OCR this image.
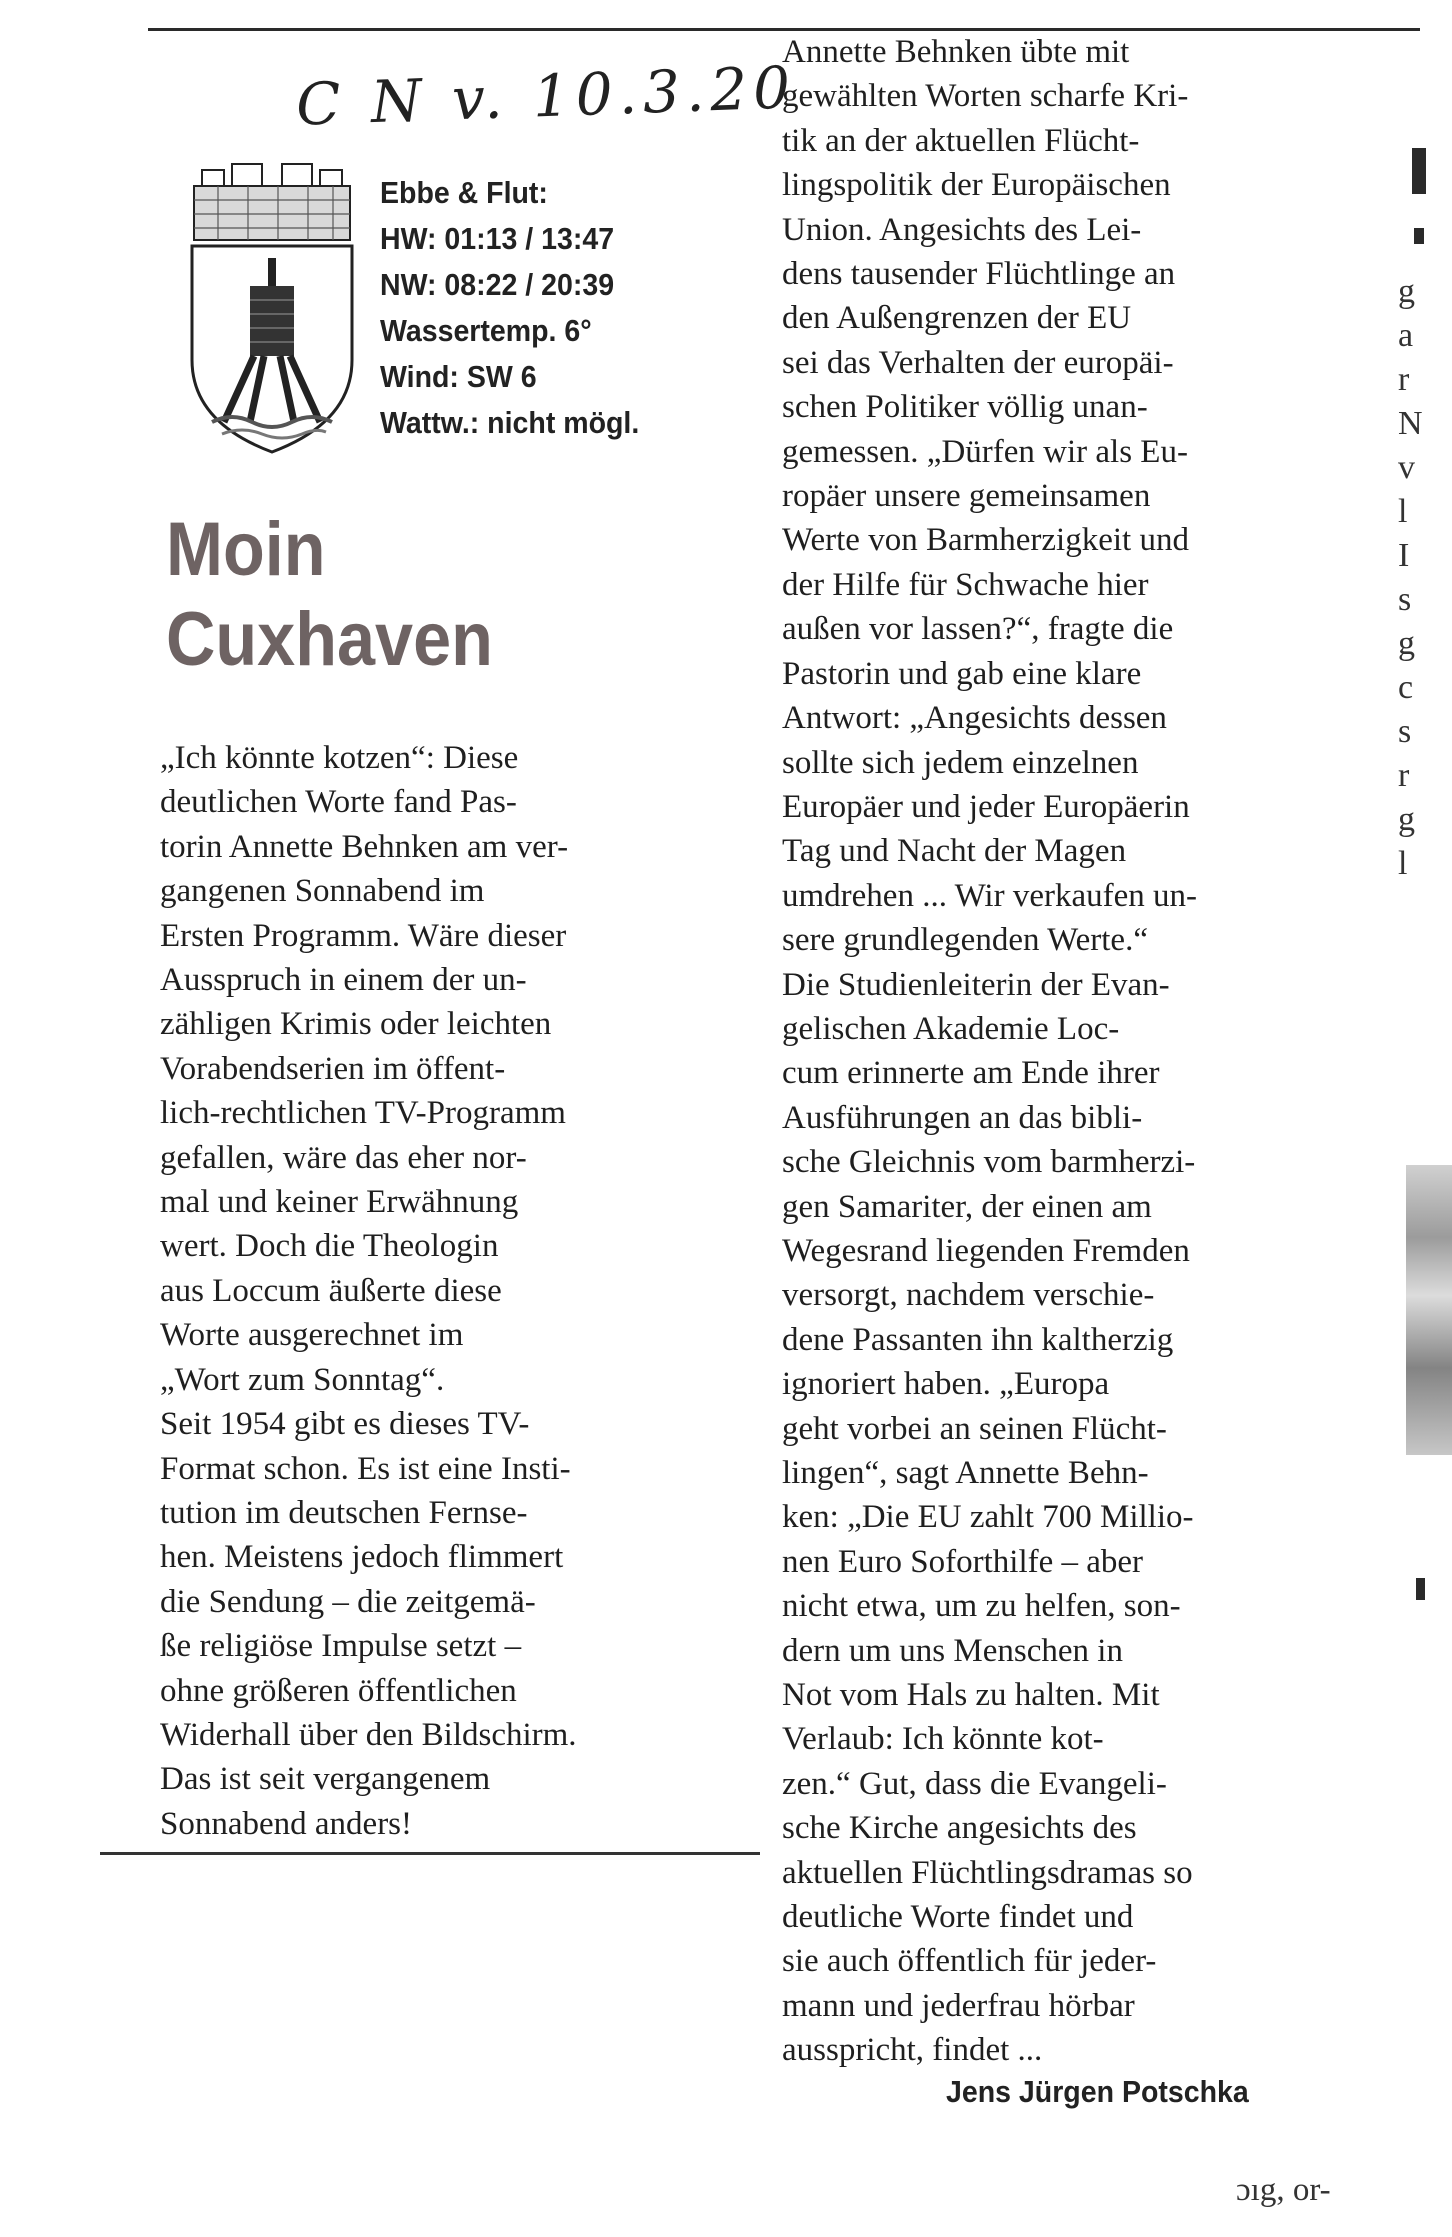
C N v. 10.3.20
Ebbe & Flut:
HW: 01:13 / 13:47
NW: 08:22 / 20:39
Wassertemp. 6°
Wind: SW 6
Wattw.: nicht mögl.
Moin
Cuxhaven
„Ich könnte kotzen“: Diese
deutlichen Worte fand Pas-
torin Annette Behnken am ver-
gangenen Sonnabend im
Ersten Programm. Wäre dieser
Ausspruch in einem der un-
zähligen Krimis oder leichten
Vorabendserien im öffent-
lich-rechtlichen TV-Programm
gefallen, wäre das eher nor-
mal und keiner Erwähnung
wert. Doch die Theologin
aus Loccum äußerte diese
Worte ausgerechnet im
„Wort zum Sonntag“.
Seit 1954 gibt es dieses TV-
Format schon. Es ist eine Insti-
tution im deutschen Fernse-
hen. Meistens jedoch flimmert
die Sendung – die zeitgemä-
ße religiöse Impulse setzt –
ohne größeren öffentlichen
Widerhall über den Bildschirm.
Das ist seit vergangenem
Sonnabend anders!
Annette Behnken übte mit
gewählten Worten scharfe Kri-
tik an der aktuellen Flücht-
lingspolitik der Europäischen
Union. Angesichts des Lei-
dens tausender Flüchtlinge an
den Außengrenzen der EU
sei das Verhalten der europäi-
schen Politiker völlig unan-
gemessen. „Dürfen wir als Eu-
ropäer unsere gemeinsamen
Werte von Barmherzigkeit und
der Hilfe für Schwache hier
außen vor lassen?“, fragte die
Pastorin und gab eine klare
Antwort: „Angesichts dessen
sollte sich jedem einzelnen
Europäer und jeder Europäerin
Tag und Nacht der Magen
umdrehen ... Wir verkaufen un-
sere grundlegenden Werte.“
Die Studienleiterin der Evan-
gelischen Akademie Loc-
cum erinnerte am Ende ihrer
Ausführungen an das bibli-
sche Gleichnis vom barmherzi-
gen Samariter, der einen am
Wegesrand liegenden Fremden
versorgt, nachdem verschie-
dene Passanten ihn kaltherzig
ignoriert haben. „Europa
geht vorbei an seinen Flücht-
lingen“, sagt Annette Behn-
ken: „Die EU zahlt 700 Millio-
nen Euro Soforthilfe – aber
nicht etwa, um zu helfen, son-
dern um uns Menschen in
Not vom Hals zu halten. Mit
Verlaub: Ich könnte kot-
zen.“ Gut, dass die Evangeli-
sche Kirche angesichts des
aktuellen Flüchtlingsdramas so
deutliche Worte findet und
sie auch öffentlich für jeder-
mann und jederfrau hörbar
ausspricht, findet ...
Jens Jürgen Potschka
ɔıg, or-
g
a
r
N
v
l
I
s
g
c
s
r
g
l
